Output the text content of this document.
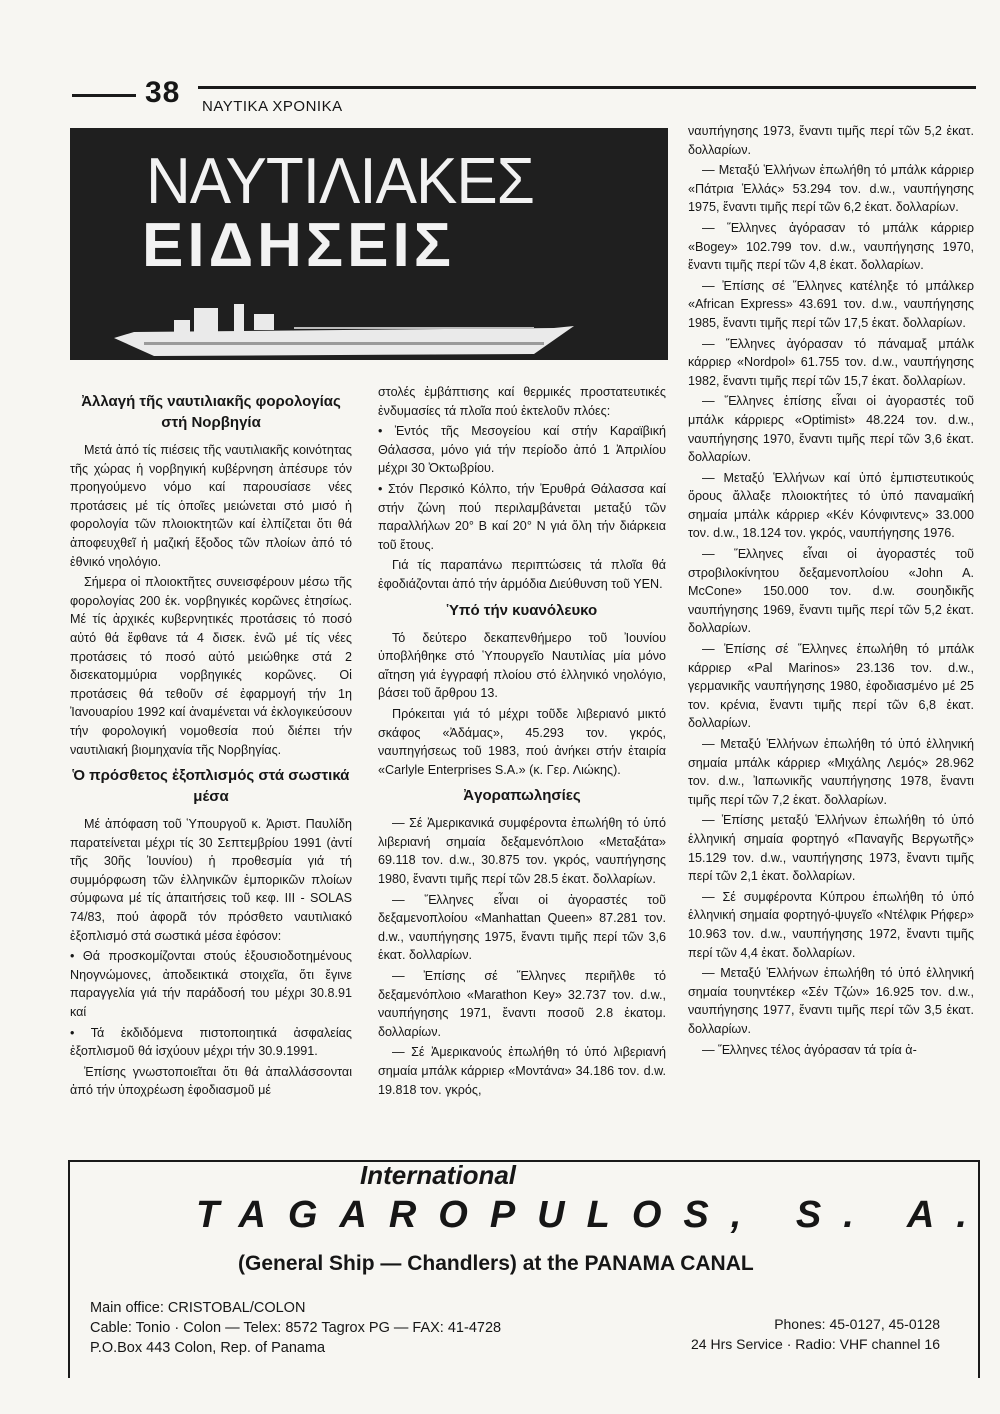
38 ΝΑΥΤΙΚΑ ΧΡΟΝΙΚΑ
ΝΑΥΤΙΛΙΑΚΕΣ
ΕΙΔΗΣΕΙΣ
Ἀλλαγή τῆς ναυτιλιακῆς φορολογίας στή Νορβηγία

Μετά ἀπό τίς πιέσεις τῆς ναυτιλιακῆς κοινότητας τῆς χώρας ἡ νορβηγική κυβέρνηση ἀπέσυρε τόν προηγούμενο νόμο καί παρουσίασε νέες προτάσεις μέ τίς ὁποῖες μειώνεται στό μισό ἡ φορολογία τῶν πλοιοκτητῶν καί ἐλπίζεται ὅτι θά ἀποφευχθεῖ ἡ μαζική ἔξοδος τῶν πλοίων ἀπό τό ἐθνικό νηολόγιο.

Σήμερα οἱ πλοιοκτῆτες συνεισφέρουν μέσω τῆς φορολογίας 200 ἑκ. νορβηγικές κορῶνες ἐτησίως. Μέ τίς ἀρχικές κυβερνητικές προτάσεις τό ποσό αὐτό θά ἔφθανε τά 4 δισεκ. ἐνῶ μέ τίς νέες προτάσεις τό ποσό αὐτό μειώθηκε στά 2 δισεκατομμύρια νορβηγικές κορῶνες. Οἱ προτάσεις θά τεθοῦν σέ ἐφαρμογή τήν 1η Ἰανουαρίου 1992 καί ἀναμένεται νά ἐκλογικεύσουν τήν φορολογική νομοθεσία πού διέπει τήν ναυτιλιακή βιομηχανία τῆς Νορβηγίας.

Ὁ πρόσθετος ἐξοπλισμός στά σωστικά μέσα

Μέ ἀπόφαση τοῦ Ὑπουργοῦ κ. Ἀριστ. Παυλίδη παρατείνεται μέχρι τίς 30 Σεπτεμβρίου 1991 (ἀντί τῆς 30ῆς Ἰουνίου) ἡ προθεσμία γιά τή συμμόρφωση τῶν ἑλληνικῶν ἐμπορικῶν πλοίων σύμφωνα μέ τίς ἀπαιτήσεις τοῦ κεφ. III - SOLAS 74/83, πού ἀφορᾶ τόν πρόσθετο ναυτιλιακό ἐξοπλισμό στά σωστικά μέσα ἐφόσον:

• Θά προσκομίζονται στούς ἐξουσιοδοτημένους Νηογνώμονες, ἀποδεικτικά στοιχεῖα, ὅτι ἔγινε παραγγελία γιά τήν παράδοσή του μέχρι 30.8.91 καί

• Τά ἐκδιδόμενα πιστοποιητικά ἀσφαλείας ἐξοπλισμοῦ θά ἰσχύουν μέχρι τήν 30.9.1991.

Ἐπίσης γνωστοποιεῖται ὅτι θά ἀπαλλάσσονται ἀπό τήν ὑποχρέωση ἐφοδιασμοῦ μέ

στολές ἐμβάπτισης καί θερμικές προστατευτικές ἐνδυμασίες τά πλοῖα πού ἐκτελοῦν πλόες:

• Ἐντός τῆς Μεσογείου καί στήν Καραϊβική Θάλασσα, μόνο γιά τήν περίοδο ἀπό 1 Ἀπριλίου μέχρι 30 Ὀκτωβρίου.

• Στόν Περσικό Κόλπο, τήν Ἐρυθρά Θάλασσα καί στήν ζώνη πού περιλαμβάνεται μεταξύ τῶν παραλλήλων 20° Β καί 20° Ν γιά ὅλη τήν διάρκεια τοῦ ἔτους.

Γιά τίς παραπάνω περιπτώσεις τά πλοῖα θά ἐφοδιάζονται ἀπό τήν ἁρμόδια Διεύθυνση τοῦ ΥΕΝ.

Ὑπό τήν κυανόλευκο

Τό δεύτερο δεκαπενθήμερο τοῦ Ἰουνίου ὑποβλήθηκε στό Ὑπουργεῖο Ναυτιλίας μία μόνο αἴτηση γιά ἐγγραφή πλοίου στό ἑλληνικό νηολόγιο, βάσει τοῦ ἄρθρου 13.

Πρόκειται γιά τό μέχρι τοῦδε λιβεριανό μικτό σκάφος «Ἀδάμας», 45.293 τον. γκρός, ναυπηγήσεως τοῦ 1983, πού ἀνήκει στήν ἑταιρία «Carlyle Enterprises S.A.» (κ. Γερ. Λιώκης).

Ἀγοραπωλησίες

— Σέ Ἀμερικανικά συμφέροντα ἐπωλήθη τό ὑπό λιβεριανή σημαία δεξαμενόπλοιο «Μεταξάτα» 69.118 τον. d.w., 30.875 τον. γκρός, ναυπήγησης 1980, ἔναντι τιμῆς περί τῶν 28.5 ἑκατ. δολλαρίων.

— Ἕλληνες εἶναι οἱ ἀγοραστές τοῦ δεξαμενοπλοίου «Manhattan Queen» 87.281 τον. d.w., ναυπήγησης 1975, ἔναντι τιμῆς περί τῶν 3,6 ἑκατ. δολλαρίων.

— Ἐπίσης σέ Ἕλληνες περιῆλθε τό δεξαμενόπλοιο «Marathon Key» 32.737 τον. d.w., ναυπήγησης 1971, ἔναντι ποσοῦ 2.8 ἑκατομ. δολλαρίων.

— Σέ Ἀμερικανούς ἐπωλήθη τό ὑπό λιβεριανή σημαία μπάλκ κάρριερ «Μοντάνα» 34.186 τον. d.w. 19.818 τον. γκρός,

ναυπήγησης 1973, ἔναντι τιμῆς περί τῶν 5,2 ἑκατ. δολλαρίων.

— Μεταξύ Ἑλλήνων ἐπωλήθη τό μπάλκ κάρριερ «Πάτρια Ἑλλάς» 53.294 τον. d.w., ναυπήγησης 1975, ἔναντι τιμῆς περί τῶν 6,2 ἑκατ. δολλαρίων.

— Ἕλληνες ἀγόρασαν τό μπάλκ κάρριερ «Bogey» 102.799 τον. d.w., ναυπήγησης 1970, ἔναντι τιμῆς περί τῶν 4,8 ἑκατ. δολλαρίων.

— Ἐπίσης σέ Ἕλληνες κατέληξε τό μπάλκερ «African Express» 43.691 τον. d.w., ναυπήγησης 1985, ἔναντι τιμῆς περί τῶν 17,5 ἑκατ. δολλαρίων.

— Ἕλληνες ἀγόρασαν τό πάναμαξ μπάλκ κάρριερ «Nordpol» 61.755 τον. d.w., ναυπήγησης 1982, ἔναντι τιμῆς περί τῶν 15,7 ἑκατ. δολλαρίων.

— Ἕλληνες ἐπίσης εἶναι οἱ ἀγοραστές τοῦ μπάλκ κάρριερς «Optimist» 48.224 τον. d.w., ναυπήγησης 1970, ἔναντι τιμῆς περί τῶν 3,6 ἑκατ. δολλαρίων.

— Μεταξύ Ἑλλήνων καί ὑπό ἐμπιστευτικούς ὅρους ἄλλαξε πλοιοκτήτες τό ὑπό παναμαϊκή σημαία μπάλκ κάρριερ «Κέν Κόνφιντενς» 33.000 τον. d.w., 18.124 τον. γκρός, ναυπήγησης 1976.

— Ἕλληνες εἶναι οἱ ἀγοραστές τοῦ στροβιλοκίνητου δεξαμενοπλοίου «John A. McCone» 150.000 τον. d.w. σουηδικῆς ναυπήγησης 1969, ἔναντι τιμῆς περί τῶν 5,2 ἑκατ. δολλαρίων.

— Ἐπίσης σέ Ἕλληνες ἐπωλήθη τό μπάλκ κάρριερ «Pal Marinos» 23.136 τον. d.w., γερμανικῆς ναυπήγησης 1980, ἐφοδιασμένο μέ 25 τον. κρένια, ἔναντι τιμῆς περί τῶν 6,8 ἑκατ. δολλαρίων.

— Μεταξύ Ἑλλήνων ἐπωλήθη τό ὑπό ἑλληνική σημαία μπάλκ κάρριερ «Μιχάλης Λεμός» 28.962 τον. d.w., Ἰαπωνικῆς ναυπήγησης 1978, ἔναντι τιμῆς περί τῶν 7,2 ἑκατ. δολλαρίων.

— Ἐπίσης μεταξύ Ἑλλήνων ἐπωλήθη τό ὑπό ἑλληνική σημαία φορτηγό «Παναγῆς Βεργωτῆς» 15.129 τον. d.w., ναυπήγησης 1973, ἔναντι τιμῆς περί τῶν 2,1 ἑκατ. δολλαρίων.

— Σέ συμφέροντα Κύπρου ἐπωλήθη τό ὑπό ἑλληνική σημαία φορτηγό-ψυγεῖο «Ντέλφικ Ρήφερ» 10.963 τον. d.w., ναυπήγησης 1972, ἔναντι τιμῆς περί τῶν 4,4 ἑκατ. δολλαρίων.

— Μεταξύ Ἑλλήνων ἐπωλήθη τό ὑπό ἑλληνική σημαία τουηντέκερ «Σέν Τζών» 16.925 τον. d.w., ναυπήγησης 1977, ἔναντι τιμῆς περί τῶν 3,5 ἑκατ. δολλαρίων.

— Ἕλληνες τέλος ἀγόρασαν τά τρία ἀ-

International
TAGAROPULOS, S. A.
(General Ship — Chandlers) at the PANAMA CANAL
Main office: CRISTOBAL/COLON
Cable: Tonio · Colon — Telex: 8572 Tagrox PG — FAX: 41-4728
P.O.Box 443 Colon, Rep. of Panama
Phones: 45-0127, 45-0128
24 Hrs Service · Radio: VHF channel 16
